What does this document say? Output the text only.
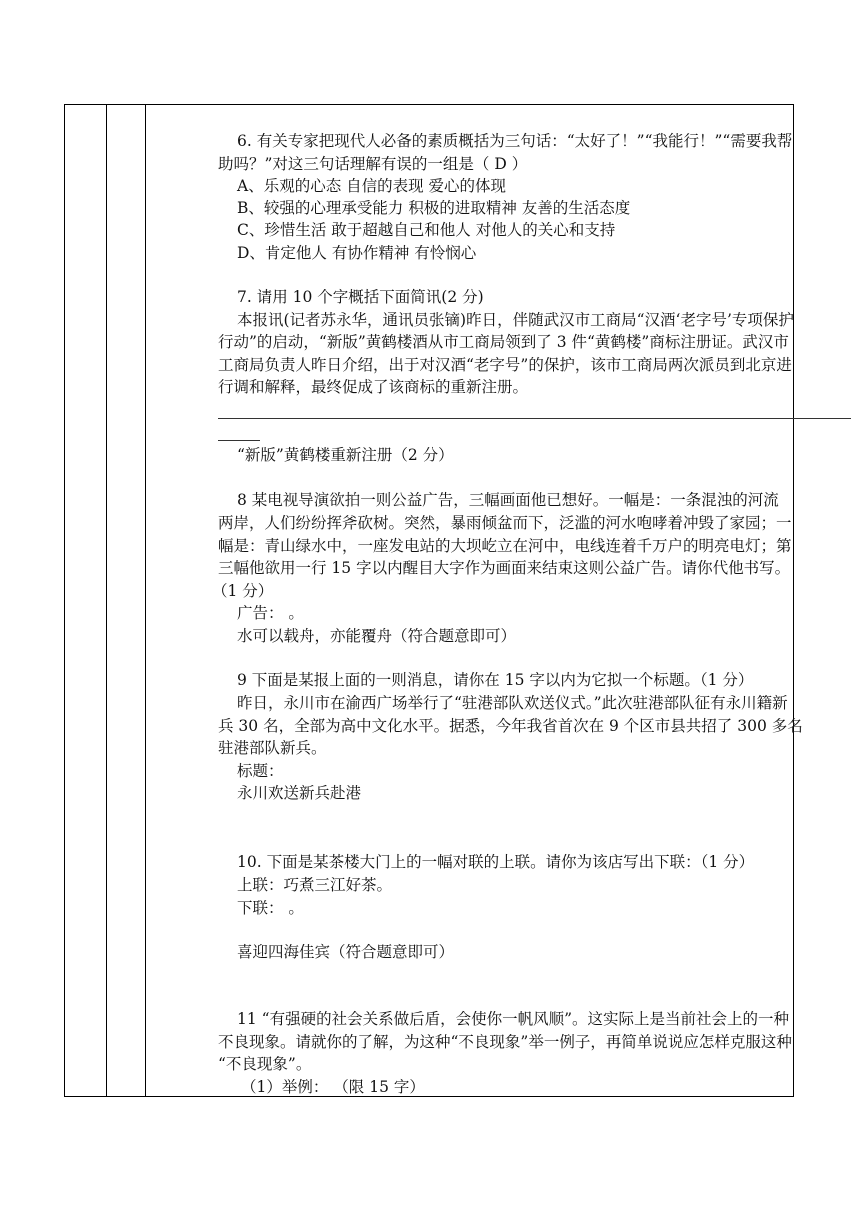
6. 有关专家把现代人必备的素质概括为三句话：“太好了！”“我能行！”“需要我帮
助吗？”对这三句话理解有误的一组是（ D ）
A、乐观的心态 自信的表现 爱心的体现
B、较强的心理承受能力 积极的进取精神 友善的生活态度
C、珍惜生活 敢于超越自己和他人 对他人的关心和支持
D、肯定他人 有协作精神 有怜悯心
7. 请用 10 个字概括下面简讯(2 分)
本报讯(记者苏永华，通讯员张镝)昨日，伴随武汉市工商局“汉酒‘老字号’专项保护
行动”的启动，“新版”黄鹤楼酒从市工商局领到了 3 件“黄鹤楼”商标注册证。武汉市
工商局负责人昨日介绍，出于对汉酒“老字号”的保护，该市工商局两次派员到北京进
行调和解释，最终促成了该商标的重新注册。
“新版”黄鹤楼重新注册（2 分）
8 某电视导演欲拍一则公益广告，三幅画面他已想好。一幅是：一条混浊的河流
两岸，人们纷纷挥斧砍树。突然，暴雨倾盆而下，泛滥的河水咆哮着冲毁了家园；一
幅是：青山绿水中，一座发电站的大坝屹立在河中，电线连着千万户的明亮电灯；第
三幅他欲用一行 15 字以内醒目大字作为画面来结束这则公益广告。请你代他书写。
（1 分）
广告： 。
水可以载舟，亦能覆舟（符合题意即可）
9 下面是某报上面的一则消息，请你在 15 字以内为它拟一个标题。（1 分）
昨日，永川市在渝西广场举行了“驻港部队欢送仪式。”此次驻港部队征有永川籍新
兵 30 名，全部为高中文化水平。据悉，今年我省首次在 9 个区市县共招了 300 多名
驻港部队新兵。
标题：
永川欢送新兵赴港
10. 下面是某茶楼大门上的一幅对联的上联。请你为该店写出下联：（1 分）
上联：巧煮三江好茶。
下联： 。
喜迎四海佳宾（符合题意即可）
11 “有强硬的社会关系做后盾，会使你一帆风顺”。这实际上是当前社会上的一种
不良现象。请就你的了解，为这种“不良现象”举一例子，再简单说说应怎样克服这种
“不良现象”。
（1）举例： （限 15 字）
